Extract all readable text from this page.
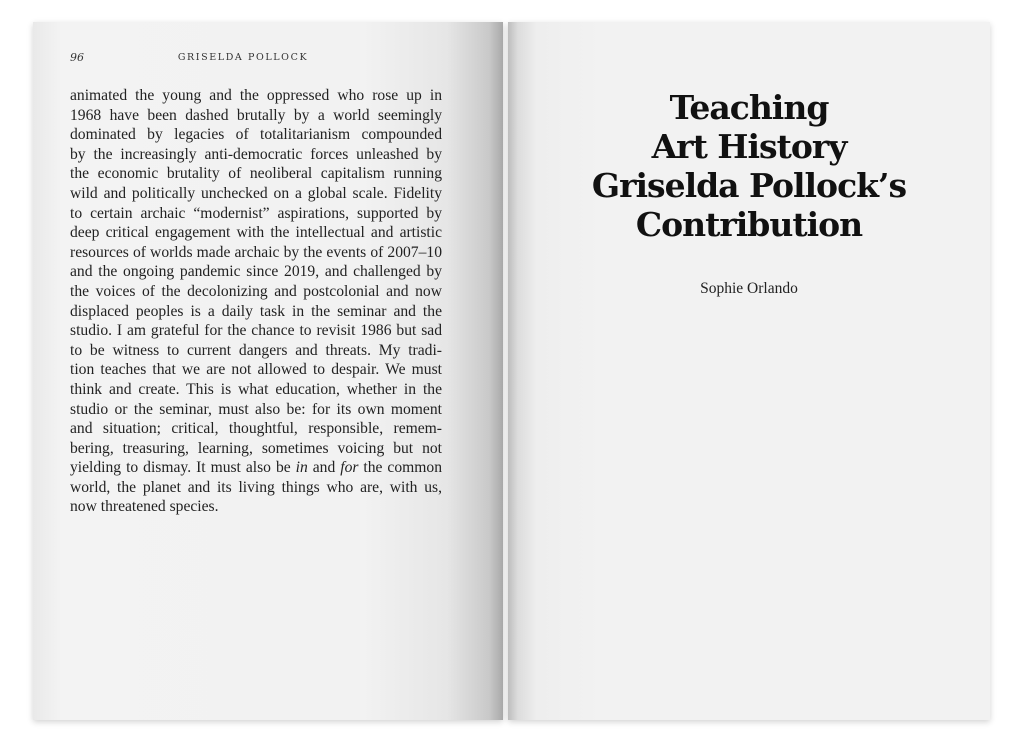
96	GRISELDA POLLOCK
animated the young and the oppressed who rose up in
1968 have been dashed brutally by a world seemingly
dominated by legacies of totalitarianism compounded
by the increasingly anti-democratic forces unleashed by
the economic brutality of neoliberal capitalism running
wild and politically unchecked on a global scale. Fidelity
to certain archaic “modernist” aspirations, supported by
deep critical engagement with the intellectual and artistic
resources of worlds made archaic by the events of 2007–10
and the ongoing pandemic since 2019, and challenged by
the voices of the decolonizing and postcolonial and now
displaced peoples is a daily task in the seminar and the
studio. I am grateful for the chance to revisit 1986 but sad
to be witness to current dangers and threats. My tradi-
tion teaches that we are not allowed to despair. We must
think and create. This is what education, whether in the
studio or the seminar, must also be: for its own moment
and situation; critical, thoughtful, responsible, remem-
bering, treasuring, learning, sometimes voicing but not
yielding to dismay. It must also be in and for the common
world, the planet and its living things who are, with us,
now threatened species.
Teaching
Art History
Griselda Pollock’s
Contribution
Sophie Orlando
